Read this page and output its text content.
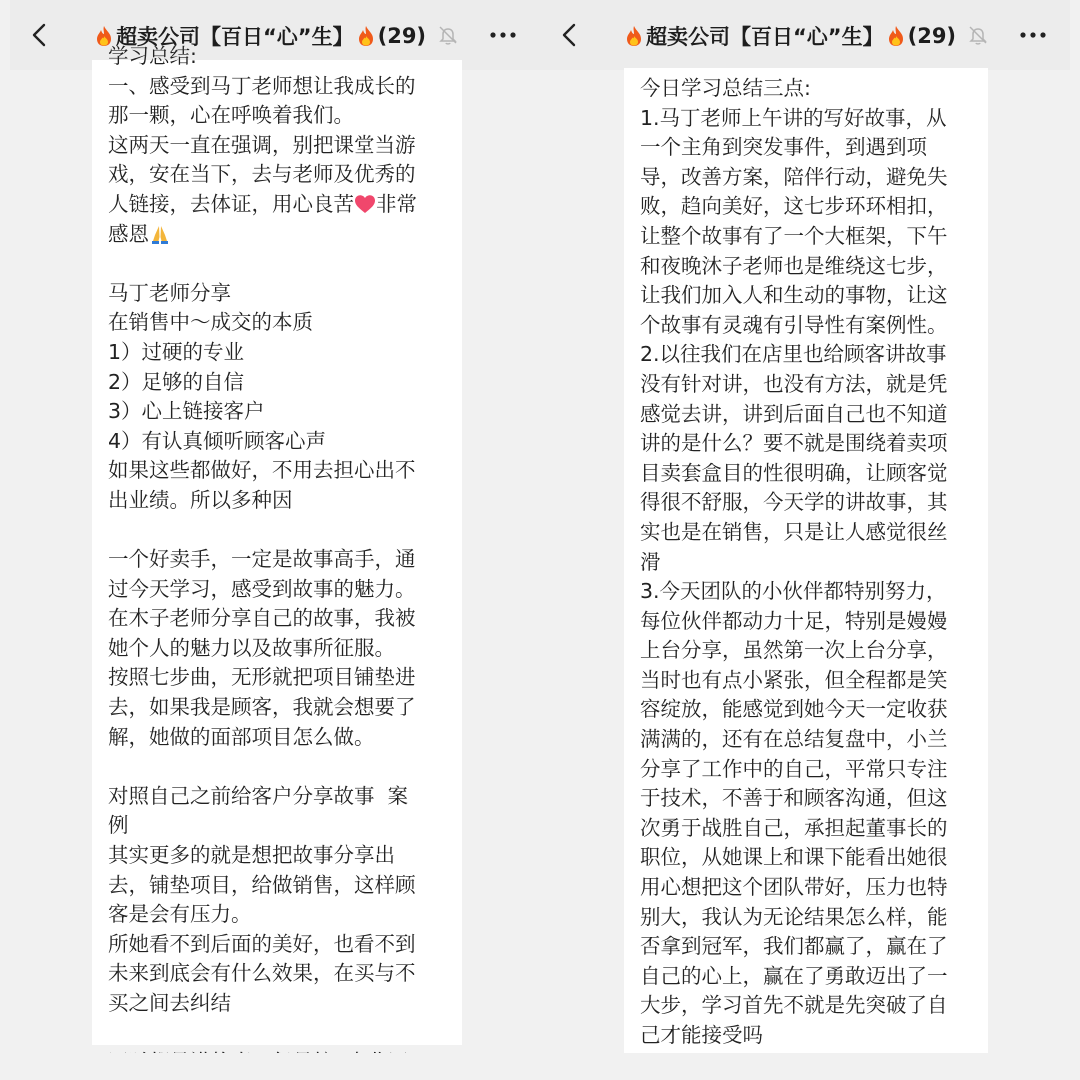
超卖公司【百日“心”生】 (29)
学习总结:
一、感受到马丁老师想让我成长的
那一颗，心在呼唤着我们。
这两天一直在强调，别把课堂当游
戏，安在当下，去与老师及优秀的
人链接，去体证，用心良苦 非常
感恩
马丁老师分享
在销售中～成交的本质
1）过硬的专业
2）足够的自信
3）心上链接客户
4）有认真倾听顾客心声
如果这些都做好，不用去担心出不
出业绩。所以多种因
一个好卖手，一定是故事高手，通
过今天学习，感受到故事的魅力。
在木子老师分享自己的故事，我被
她个人的魅力以及故事所征服。
按照七步曲，无形就把项目铺垫进
去，如果我是顾客，我就会想要了
解，她做的面部项目怎么做。
对照自己之前给客户分享故事  案
例
其实更多的就是想把故事分享出
去，铺垫项目，给做销售，这样顾
客是会有压力。
所她看不到后面的美好，也看不到
未来到底会有什么效果，在买与不
买之间去纠结
超卖公司【百日“心”生】 (29)
今日学习总结三点:
1.马丁老师上午讲的写好故事，从
一个主角到突发事件，到遇到项
导，改善方案，陪伴行动，避免失
败，趋向美好，这七步环环相扣，
让整个故事有了一个大框架，下午
和夜晚沐子老师也是维绕这七步，
让我们加入人和生动的事物，让这
个故事有灵魂有引导性有案例性。
2.以往我们在店里也给顾客讲故事
没有针对讲，也没有方法，就是凭
感觉去讲，讲到后面自己也不知道
讲的是什么？要不就是围绕着卖项
目卖套盒目的性很明确，让顾客觉
得很不舒服，今天学的讲故事，其
实也是在销售，只是让人感觉很丝
滑
3.今天团队的小伙伴都特别努力，
每位伙伴都动力十足，特别是嫚嫚
上台分享，虽然第一次上台分享，
当时也有点小紧张，但全程都是笑
容绽放，能感觉到她今天一定收获
满满的，还有在总结复盘中，小兰
分享了工作中的自己，平常只专注
于技术，不善于和顾客沟通，但这
次勇于战胜自己，承担起董事长的
职位，从她课上和课下能看出她很
用心想把这个团队带好，压力也特
别大，我认为无论结果怎么样，能
否拿到冠军，我们都赢了，赢在了
自己的心上，赢在了勇敢迈出了一
大步，学习首先不就是先突破了自
己才能接受吗
